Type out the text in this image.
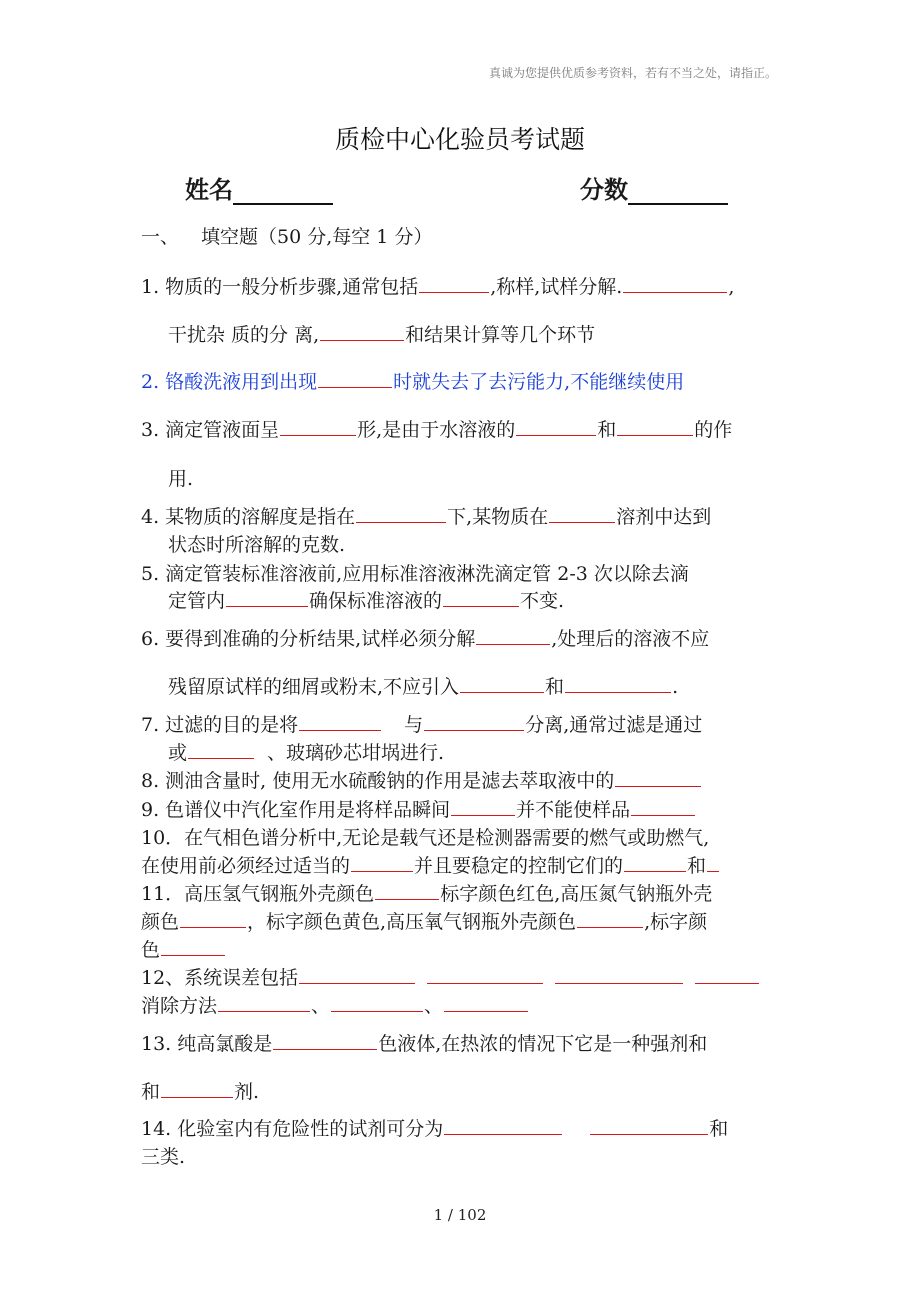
真诚为您提供优质参考资料，若有不当之处，请指正。
质检中心化验员考试题
姓名	分数
一、 填空题（50 分,每空 1 分）
1. 物质的一般分析步骤,通常包括	,称样,试样分解.	,
干扰杂 质的分 离,	和结果计算等几个环节
2. 铬酸洗液用到出现	时就失去了去污能力,不能继续使用
3. 滴定管液面呈	形,是由于水溶液的	和	的作
用.
4. 某物质的溶解度是指在	下,某物质在	溶剂中达到
状态时所溶解的克数.
5. 滴定管装标准溶液前,应用标准溶液淋洗滴定管 2-3 次以除去滴
定管内	确保标准溶液的	不变.
6. 要得到准确的分析结果,试样必须分解	,处理后的溶液不应
残留原试样的细屑或粉末,不应引入	和	.
7. 过滤的目的是将	与	分离,通常过滤是通过
或	、玻璃砂芯坩埚进行.
8. 测油含量时, 使用无水硫酸钠的作用是滤去萃取液中的
9. 色谱仪中汽化室作用是将样品瞬间	并不能使样品
10．在气相色谱分析中,无论是载气还是检测器需要的燃气或助燃气,
在使用前必须经过适当的	并且要稳定的控制它们的	和
11．高压氢气钢瓶外壳颜色	标字颜色红色,高压氮气钠瓶外壳
颜色	，标字颜色黄色,高压氧气钢瓶外壳颜色	,标字颜
色
12、系统误差包括
消除方法	、	、
13. 纯高氯酸是	色液体,在热浓的情况下它是一种强剂和
和	剂.
14. 化验室内有危险性的试剂可分为	和
三类.
1 / 102
